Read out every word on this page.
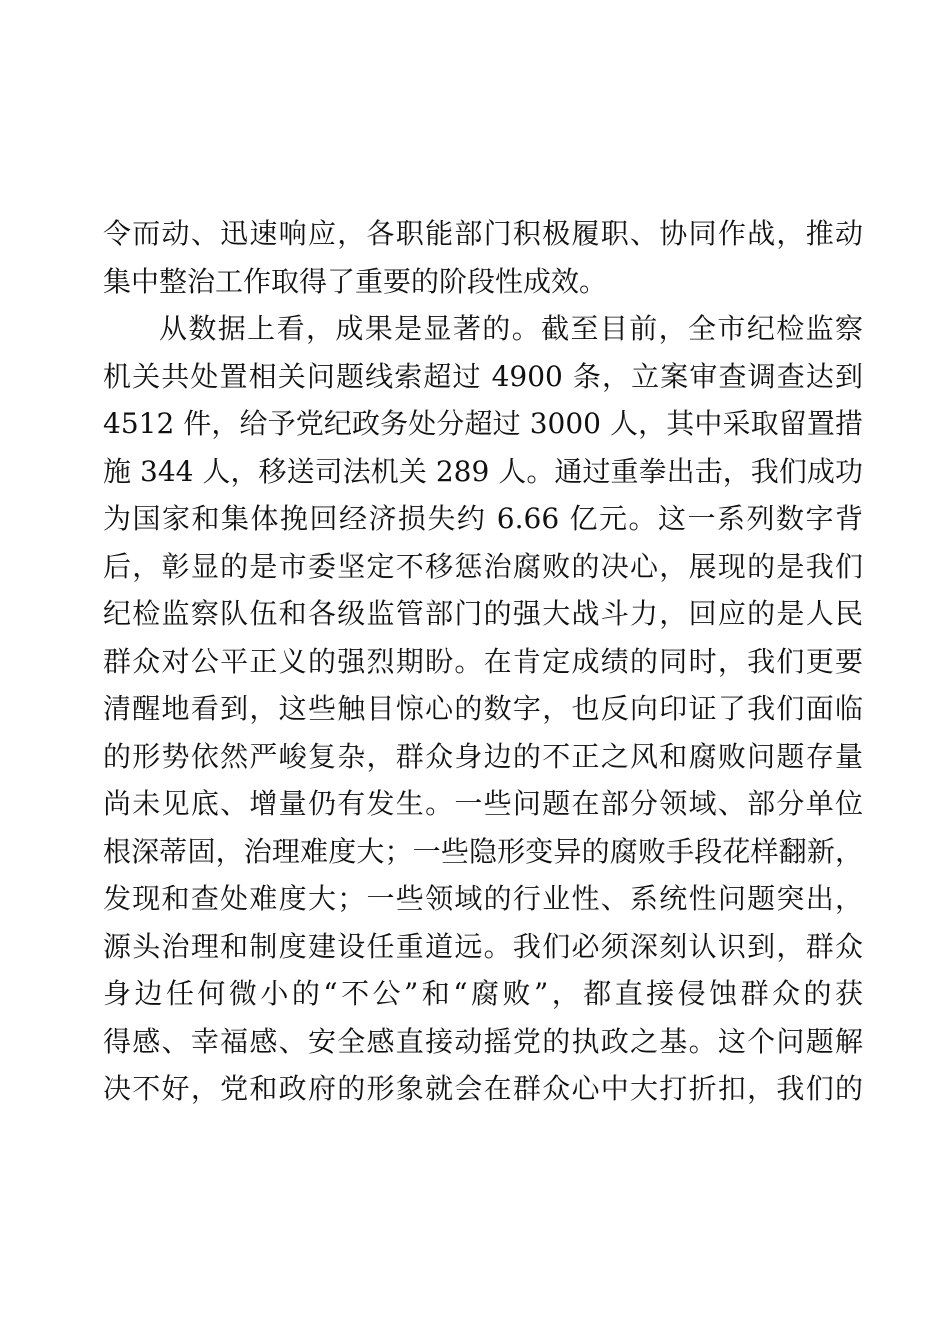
令而动、迅速响应，各职能部门积极履职、协同作战，推动
集中整治工作取得了重要的阶段性成效。
从数据上看，成果是显著的。截至目前，全市纪检监察
机关共处置相关问题线索超过 4900 条，立案审查调查达到
4512 件，给予党纪政务处分超过 3000 人，其中采取留置措
施 344 人，移送司法机关 289 人。通过重拳出击，我们成功
为国家和集体挽回经济损失约 6.66 亿元。这一系列数字背
后，彰显的是市委坚定不移惩治腐败的决心，展现的是我们
纪检监察队伍和各级监管部门的强大战斗力，回应的是人民
群众对公平正义的强烈期盼。在肯定成绩的同时，我们更要
清醒地看到，这些触目惊心的数字，也反向印证了我们面临
的形势依然严峻复杂，群众身边的不正之风和腐败问题存量
尚未见底、增量仍有发生。一些问题在部分领域、部分单位
根深蒂固，治理难度大；一些隐形变异的腐败手段花样翻新，
发现和查处难度大；一些领域的行业性、系统性问题突出，
源头治理和制度建设任重道远。我们必须深刻认识到，群众
身边任何微小的“不公”和“腐败”，都直接侵蚀群众的获
得感、幸福感、安全感直接动摇党的执政之基。这个问题解
决不好，党和政府的形象就会在群众心中大打折扣，我们的
